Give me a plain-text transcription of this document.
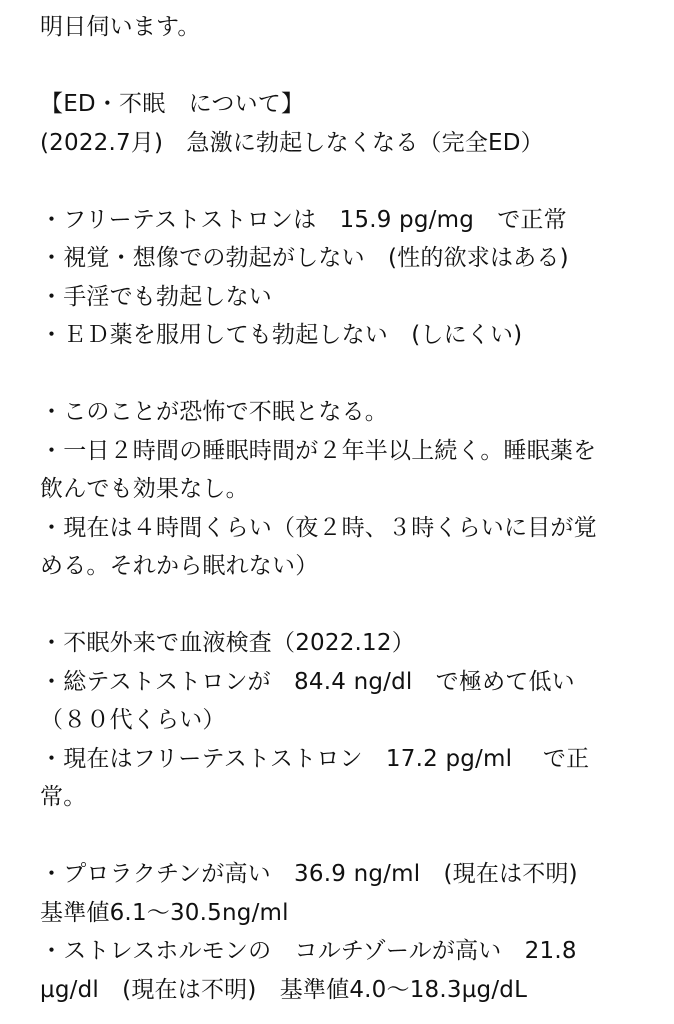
明日伺います。
【ED・不眠　について】
(2022.7月)　急激に勃起しなくなる（完全ED）
・フリーテストストロンは　15.9 pg/mg　で正常
・視覚・想像での勃起がしない　(性的欲求はある)
・手淫でも勃起しない
・ＥＤ薬を服用しても勃起しない　(しにくい)
・このことが恐怖で不眠となる。
・一日２時間の睡眠時間が２年半以上続く。睡眠薬を
飲んでも効果なし。
・現在は４時間くらい（夜２時、３時くらいに目が覚
める。それから眠れない）
・不眠外来で血液検査（2022.12）
・総テストストロンが　84.4 ng/dl　で極めて低い
（８０代くらい）
・現在はフリーテストストロン　17.2 pg/ml　 で正
常。
・プロラクチンが高い　36.9 ng/ml　(現在は不明)
基準値6.1〜30.5ng/ml
・ストレスホルモンの　コルチゾールが高い　21.8
µg/dl　(現在は不明)　基準値4.0〜18.3µg/dL
